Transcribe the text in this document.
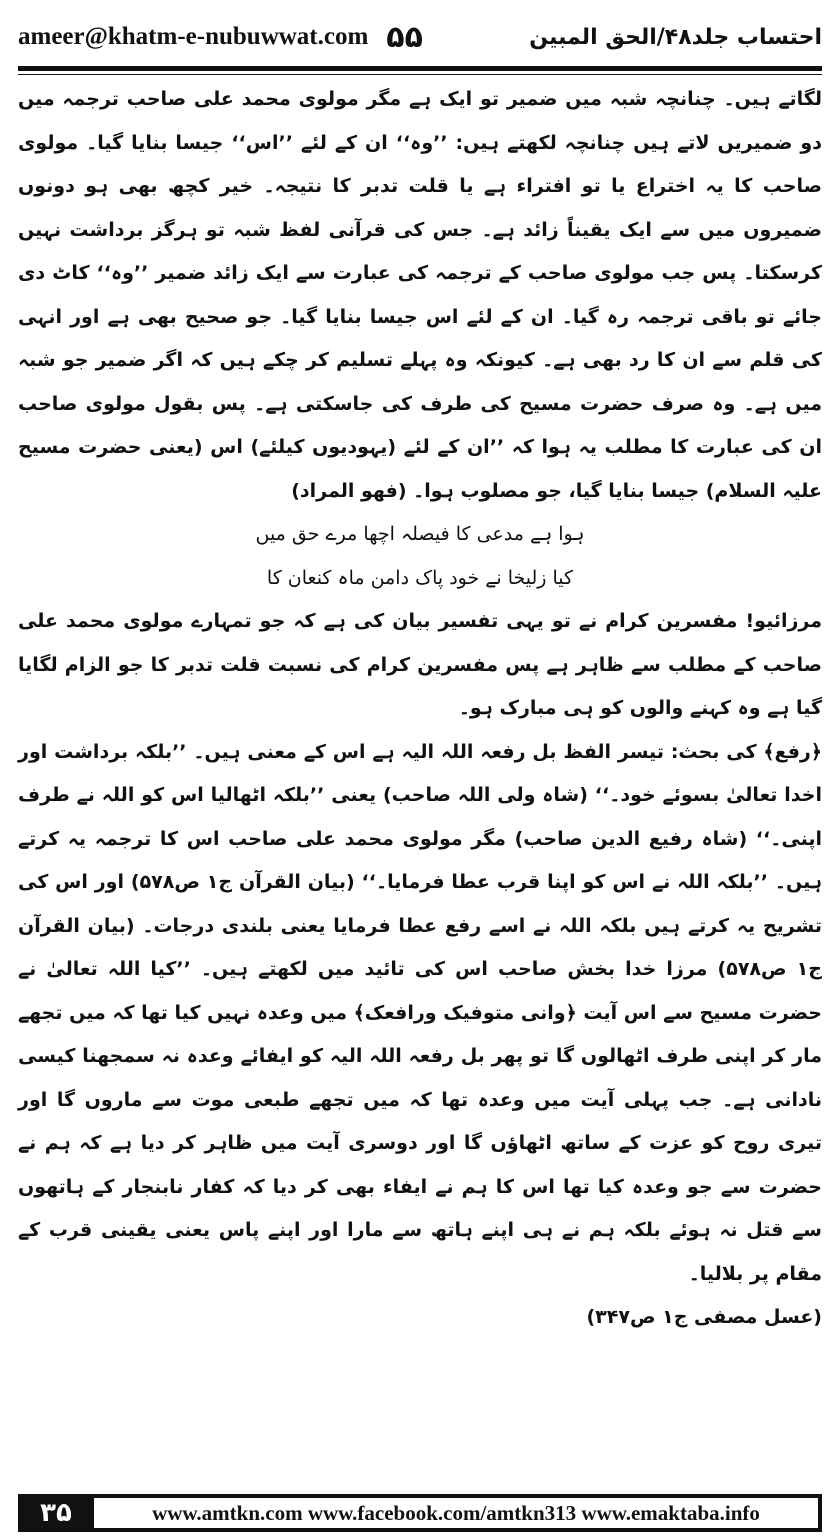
ameer@khatm-e-nubuwwat.com ۵۵	احتساب جلد۴۸/الحق المبین

لگاتے ہیں۔ چنانچہ شبہ میں ضمیر تو ایک ہے مگر مولوی محمد علی صاحب ترجمہ میں دو ضمیریں لاتے ہیں چنانچہ لکھتے ہیں: ’’وہ‘‘ ان کے لئے ’’اس‘‘ جیسا بنایا گیا۔ مولوی صاحب کا یہ اختراع یا تو افتراء ہے یا قلت تدبر کا نتیجہ۔ خیر کچھ بھی ہو دونوں ضمیروں میں سے ایک یقیناً زائد ہے۔ جس کی قرآنی لفظ شبہ تو ہرگز برداشت نہیں کرسکتا۔ پس جب مولوی صاحب کے ترجمہ کی عبارت سے ایک زائد ضمیر ’’وہ‘‘ کاٹ دی جائے تو باقی ترجمہ رہ گیا۔ ان کے لئے اس جیسا بنایا گیا۔ جو صحیح بھی ہے اور انہی کی قلم سے ان کا رد بھی ہے۔ کیونکہ وہ پہلے تسلیم کر چکے ہیں کہ اگر ضمیر جو شبہ میں ہے۔ وہ صرف حضرت مسیح کی طرف کی جاسکتی ہے۔ پس بقول مولوی صاحب ان کی عبارت کا مطلب یہ ہوا کہ ’’ان کے لئے (یہودیوں کیلئے) اس (یعنی حضرت مسیح علیہ السلام) جیسا بنایا گیا، جو مصلوب ہوا۔ (فھو المراد)

ہوا ہے مدعی کا فیصلہ اچھا مرے حق میں

کیا زلیخا نے خود پاک دامن ماہ کنعان کا

مرزائیو! مفسرین کرام نے تو یہی تفسیر بیان کی ہے کہ جو تمہارے مولوی محمد علی صاحب کے مطلب سے ظاہر ہے پس مفسرین کرام کی نسبت قلت تدبر کا جو الزام لگایا گیا ہے وہ کہنے والوں کو ہی مبارک ہو۔

﴿رفع﴾ کی بحث: تیسر الفظ بل رفعہ اللہ الیہ ہے اس کے معنی ہیں۔ ’’بلکہ برداشت اور اخدا تعالیٰ بسوئے خود۔‘‘ (شاہ ولی اللہ صاحب) یعنی ’’بلکہ اٹھالیا اس کو اللہ نے طرف اپنی۔‘‘ (شاہ رفیع الدین صاحب) مگر مولوی محمد علی صاحب اس کا ترجمہ یہ کرتے ہیں۔ ’’بلکہ اللہ نے اس کو اپنا قرب عطا فرمایا۔‘‘ (بیان القرآن ج۱ ص۵۷۸) اور اس کی تشریح یہ کرتے ہیں بلکہ اللہ نے اسے رفع عطا فرمایا یعنی بلندی درجات۔ (بیان القرآن ج۱ ص۵۷۸) مرزا خدا بخش صاحب اس کی تائید میں لکھتے ہیں۔ ’’کیا اللہ تعالیٰ نے حضرت مسیح سے اس آیت ﴿وانی متوفیک ورافعک﴾ میں وعدہ نہیں کیا تھا کہ میں تجھے مار کر اپنی طرف اٹھالوں گا تو پھر بل رفعہ اللہ الیہ کو ایفائے وعدہ نہ سمجھنا کیسی نادانی ہے۔ جب پہلی آیت میں وعدہ تھا کہ میں تجھے طبعی موت سے ماروں گا اور تیری روح کو عزت کے ساتھ اٹھاؤں گا اور دوسری آیت میں ظاہر کر دیا ہے کہ ہم نے حضرت سے جو وعدہ کیا تھا اس کا ہم نے ایفاء بھی کر دیا کہ کفار نابنجار کے ہاتھوں سے قتل نہ ہوئے بلکہ ہم نے ہی اپنے ہاتھ سے مارا اور اپنے پاس یعنی یقینی قرب کے مقام پر بلالیا۔

(عسل مصفی ج۱ ص۳۴۷)

۳۵	www.amtkn.com www.facebook.com/amtkn313 www.emaktaba.info
